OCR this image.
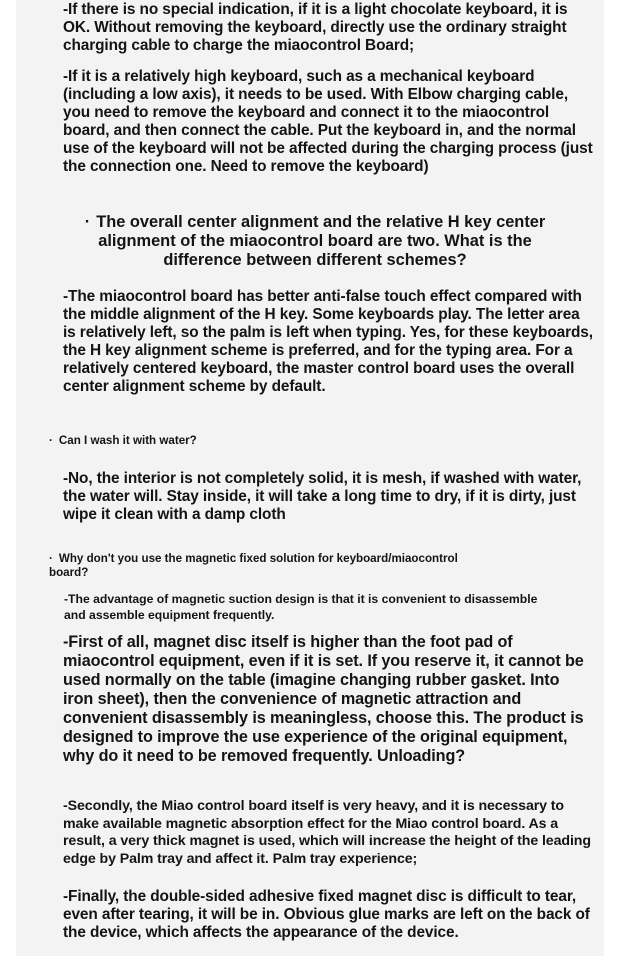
-If there is no special indication, if it is a light chocolate keyboard, it is OK. Without removing the keyboard, directly use the ordinary straight charging cable to charge the miaocontrol Board;

-If it is a relatively high keyboard, such as a mechanical keyboard (including a low axis), it needs to be used. With Elbow charging cable, you need to remove the keyboard and connect it to the miaocontrol board, and then connect the cable. Put the keyboard in, and the normal use of the keyboard will not be affected during the charging process (just the connection one. Need to remove the keyboard)

· The overall center alignment and the relative H key center alignment of the miaocontrol board are two. What is the difference between different schemes?

-The miaocontrol board has better anti-false touch effect compared with the middle alignment of the H key. Some keyboards play. The letter area is relatively left, so the palm is left when typing. Yes, for these keyboards, the H key alignment scheme is preferred, and for the typing area. For a relatively centered keyboard, the master control board uses the overall center alignment scheme by default.

· Can I wash it with water?

-No, the interior is not completely solid, it is mesh, if washed with water, the water will. Stay inside, it will take a long time to dry, if it is dirty, just wipe it clean with a damp cloth

· Why don't you use the magnetic fixed solution for keyboard/miaocontrol board?

-The advantage of magnetic suction design is that it is convenient to disassemble and assemble equipment frequently.

-First of all, magnet disc itself is higher than the foot pad of miaocontrol equipment, even if it is set. If you reserve it, it cannot be used normally on the table (imagine changing rubber gasket. Into iron sheet), then the convenience of magnetic attraction and convenient disassembly is meaningless, choose this. The product is designed to improve the use experience of the original equipment, why do it need to be removed frequently. Unloading?

-Secondly, the Miao control board itself is very heavy, and it is necessary to make available magnetic absorption effect for the Miao control board. As a result, a very thick magnet is used, which will increase the height of the leading edge by Palm tray and affect it. Palm tray experience;

-Finally, the double-sided adhesive fixed magnet disc is difficult to tear, even after tearing, it will be in. Obvious glue marks are left on the back of the device, which affects the appearance of the device.
